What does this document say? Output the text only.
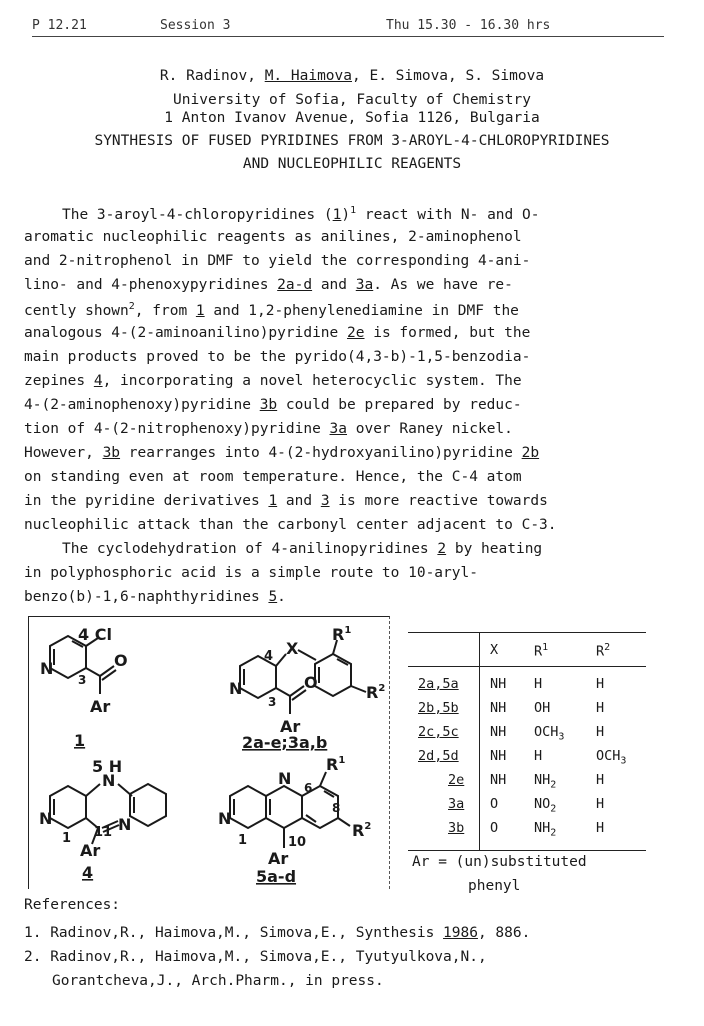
P 12.21	Session 3	Thu 15.30 - 16.30 hrs
R. Radinov, M. Haimova, E. Simova, S. Simova
University of Sofia, Faculty of Chemistry
1 Anton Ivanov Avenue, Sofia 1126, Bulgaria
SYNTHESIS OF FUSED PYRIDINES FROM 3-AROYL-4-CHLOROPYRIDINES
AND NUCLEOPHILIC REAGENTS
The 3-aroyl-4-chloropyridines $(1)^1$ react with N- and O-
aromatic nucleophilic reagents as anilines, 2-aminophenol
and 2-nitrophenol in DMF to yield the corresponding 4-ani-
lino- and 4-phenoxypyridines 2a-d and 3a. As we have re-
cently shown$^2$, from 1 and 1,2-phenylenediamine in DMF the
analogous 4-(2-aminoanilino)pyridine 2e is formed, but the
main products proved to be the pyrido(4,3-b)-1,5-benzodia-
zepines 4, incorporating a novel heterocyclic system. The
4-(2-aminophenoxy)pyridine 3b could be prepared by reduc-
tion of 4-(2-nitrophenoxy)pyridine 3a over Raney nickel.
However, 3b rearranges into 4-(2-hydroxyanilino)pyridine 2b
on standing even at room temperature. Hence, the C-4 atom
in the pyridine derivatives 1 and 3 is more reactive towards
nucleophilic attack than the carbonyl center adjacent to C-3.
The cyclodehydration of 4-anilinopyridines 2 by heating
in polyphosphoric acid is a simple route to 10-aryl-
benzo(b)-1,6-naphthyridines 5.
4 Cl
O
N
3
Ar
1
4 X
$R^1$
$R^2$
O
N
3
Ar
2a-e;3a,b
5 H
N
N	N
1 11
Ar
4
N
N
$R^1$
6
8
$R^2$
1	10
Ar
5a-d
X	$R^1$	$R^2$
2a,5a NH H	H
2b,5b NH OH	H
2c,5c NH $OCH_3$ H
2d,5d NH H	$OCH_3$
2e NH $NH_2$	H
3a O	$NO_2$	H
3b O	$NH_2$	H
Ar = (un)substituted
phenyl
References:
1. Radinov,R., Haimova,M., Simova,E., Synthesis 1986, 886.
2. Radinov,R., Haimova,M., Simova,E., Tyutyulkova,N.,
Gorantcheva,J., Arch.Pharm., in press.
